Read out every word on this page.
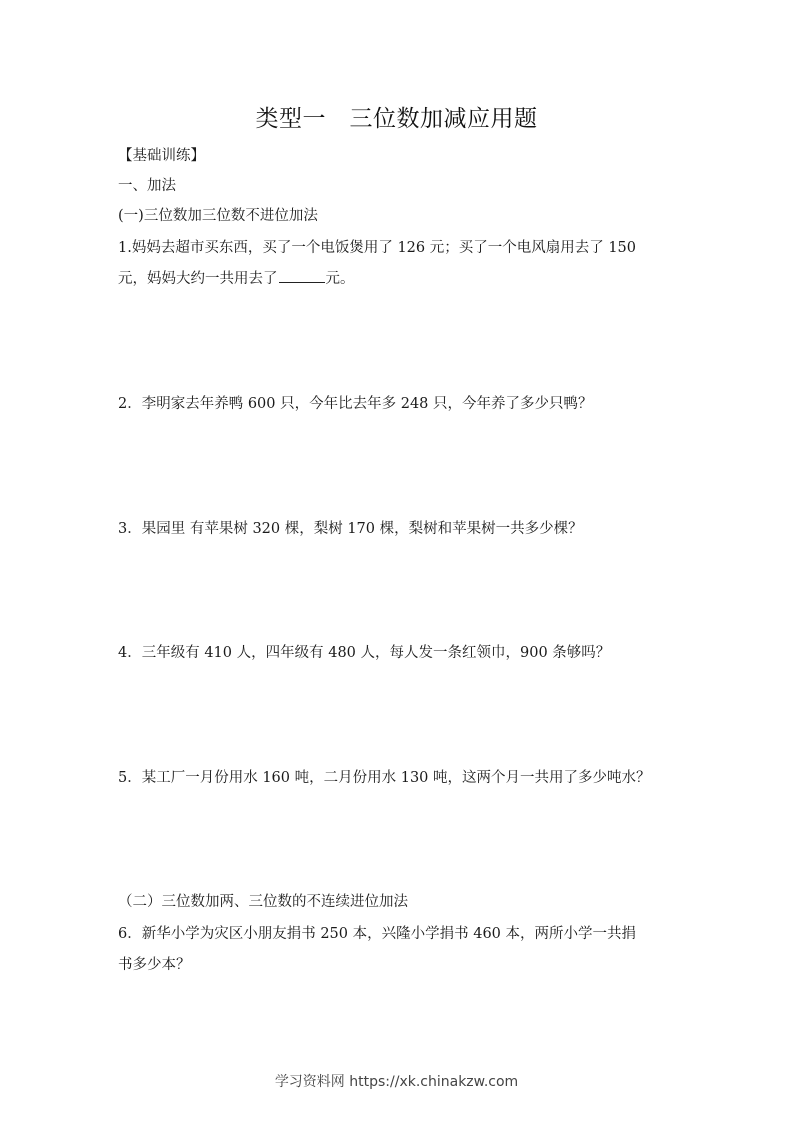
类型一　三位数加减应用题
【基础训练】
一、加法
(一)三位数加三位数不进位加法
1.妈妈去超市买东西，买了一个电饭煲用了 126 元；买了一个电风扇用去了 150
元，妈妈大约一共用去了	元。
2．李明家去年养鸭 600 只，今年比去年多 248 只，今年养了多少只鸭？
3．果园里 有苹果树 320 棵，梨树 170 棵，梨树和苹果树一共多少棵？
4．三年级有 410 人，四年级有 480 人，每人发一条红领巾，900 条够吗？
5．某工厂一月份用水 160 吨，二月份用水 130 吨，这两个月一共用了多少吨水？
（二）三位数加两、三位数的不连续进位加法
6．新华小学为灾区小朋友捐书 250 本，兴隆小学捐书 460 本，两所小学一共捐
书多少本？
学习资料网 https://xk.chinakzw.com
